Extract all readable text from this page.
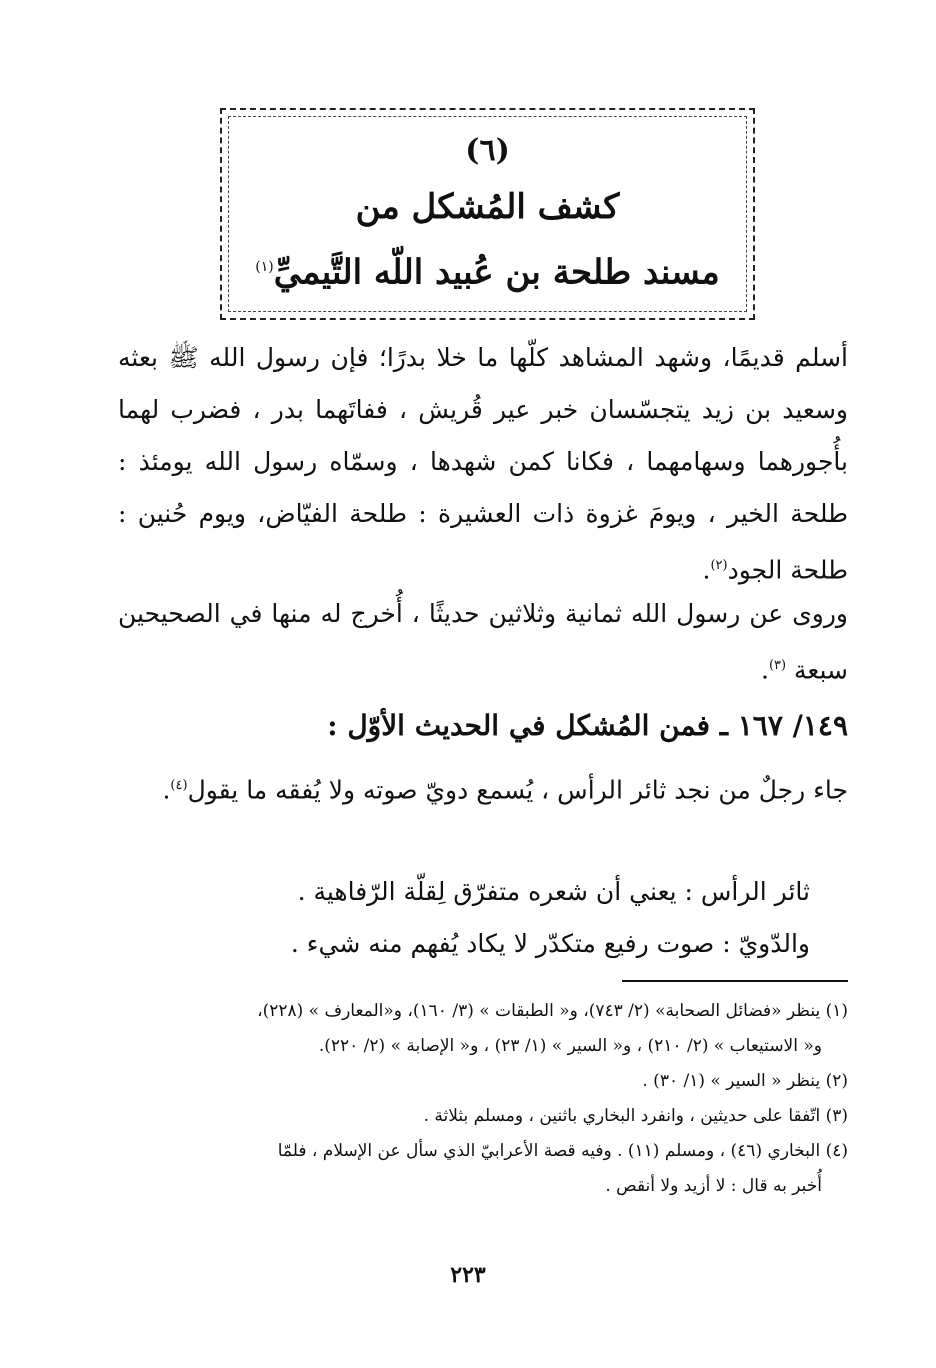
(٦)
كشف المُشكل من
مسند طلحة بن عُبيد اللّه التَّيميِّ$^{(١)}$
أسلم قديمًا، وشهد المشاهد كلّها ما خلا بدرًا؛ فإن رسول الله ﷺ بعثه وسعيد بن زيد يتجسّسان خبر عير قُريش ، ففاتَهما بدر ، فضرب لهما بأُجورهما وسهامهما ، فكانا كمن شهدها ، وسمّاه رسول الله يومئذ : طلحة الخير ، ويومَ غزوة ذات العشيرة : طلحة الفيّاض، ويوم حُنين : طلحة الجود$^{(٢)}$.
وروى عن رسول الله ثمانية وثلاثين حديثًا ، أُخرج له منها في الصحيحين سبعة $^{(٣)}$.
١٤٩/ ١٦٧ ـ فمن المُشكل في الحديث الأوّل :
جاء رجلٌ من نجد ثائر الرأس ، يُسمع دويّ صوته ولا يُفقه ما يقول$^{(٤)}$.
ثائر الرأس : يعني أن شعره متفرّق لِقلّة الرّفاهية .
والدّويّ : صوت رفيع متكدّر لا يكاد يُفهم منه شيء .

(١) ينظر «فضائل الصحابة» (٢/ ٧٤٣)، و« الطبقات » (٣/ ١٦٠)، و«المعارف » (٢٢٨)،

و« الاستيعاب » (٢/ ٢١٠) ، و« السير » (١/ ٢٣) ، و« الإصابة » (٢/ ٢٢٠).

(٢) ينظر « السير » (١/ ٣٠) .

(٣) اتّفقا على حديثين ، وانفرد البخاري باثنين ، ومسلم بثلاثة .

(٤) البخاري (٤٦) ، ومسلم (١١) . وفيه قصة الأعرابيّ الذي سأل عن الإسلام ، فلمّا

أُخبر به قال : لا أزيد ولا أنقص .

٢٢٣
